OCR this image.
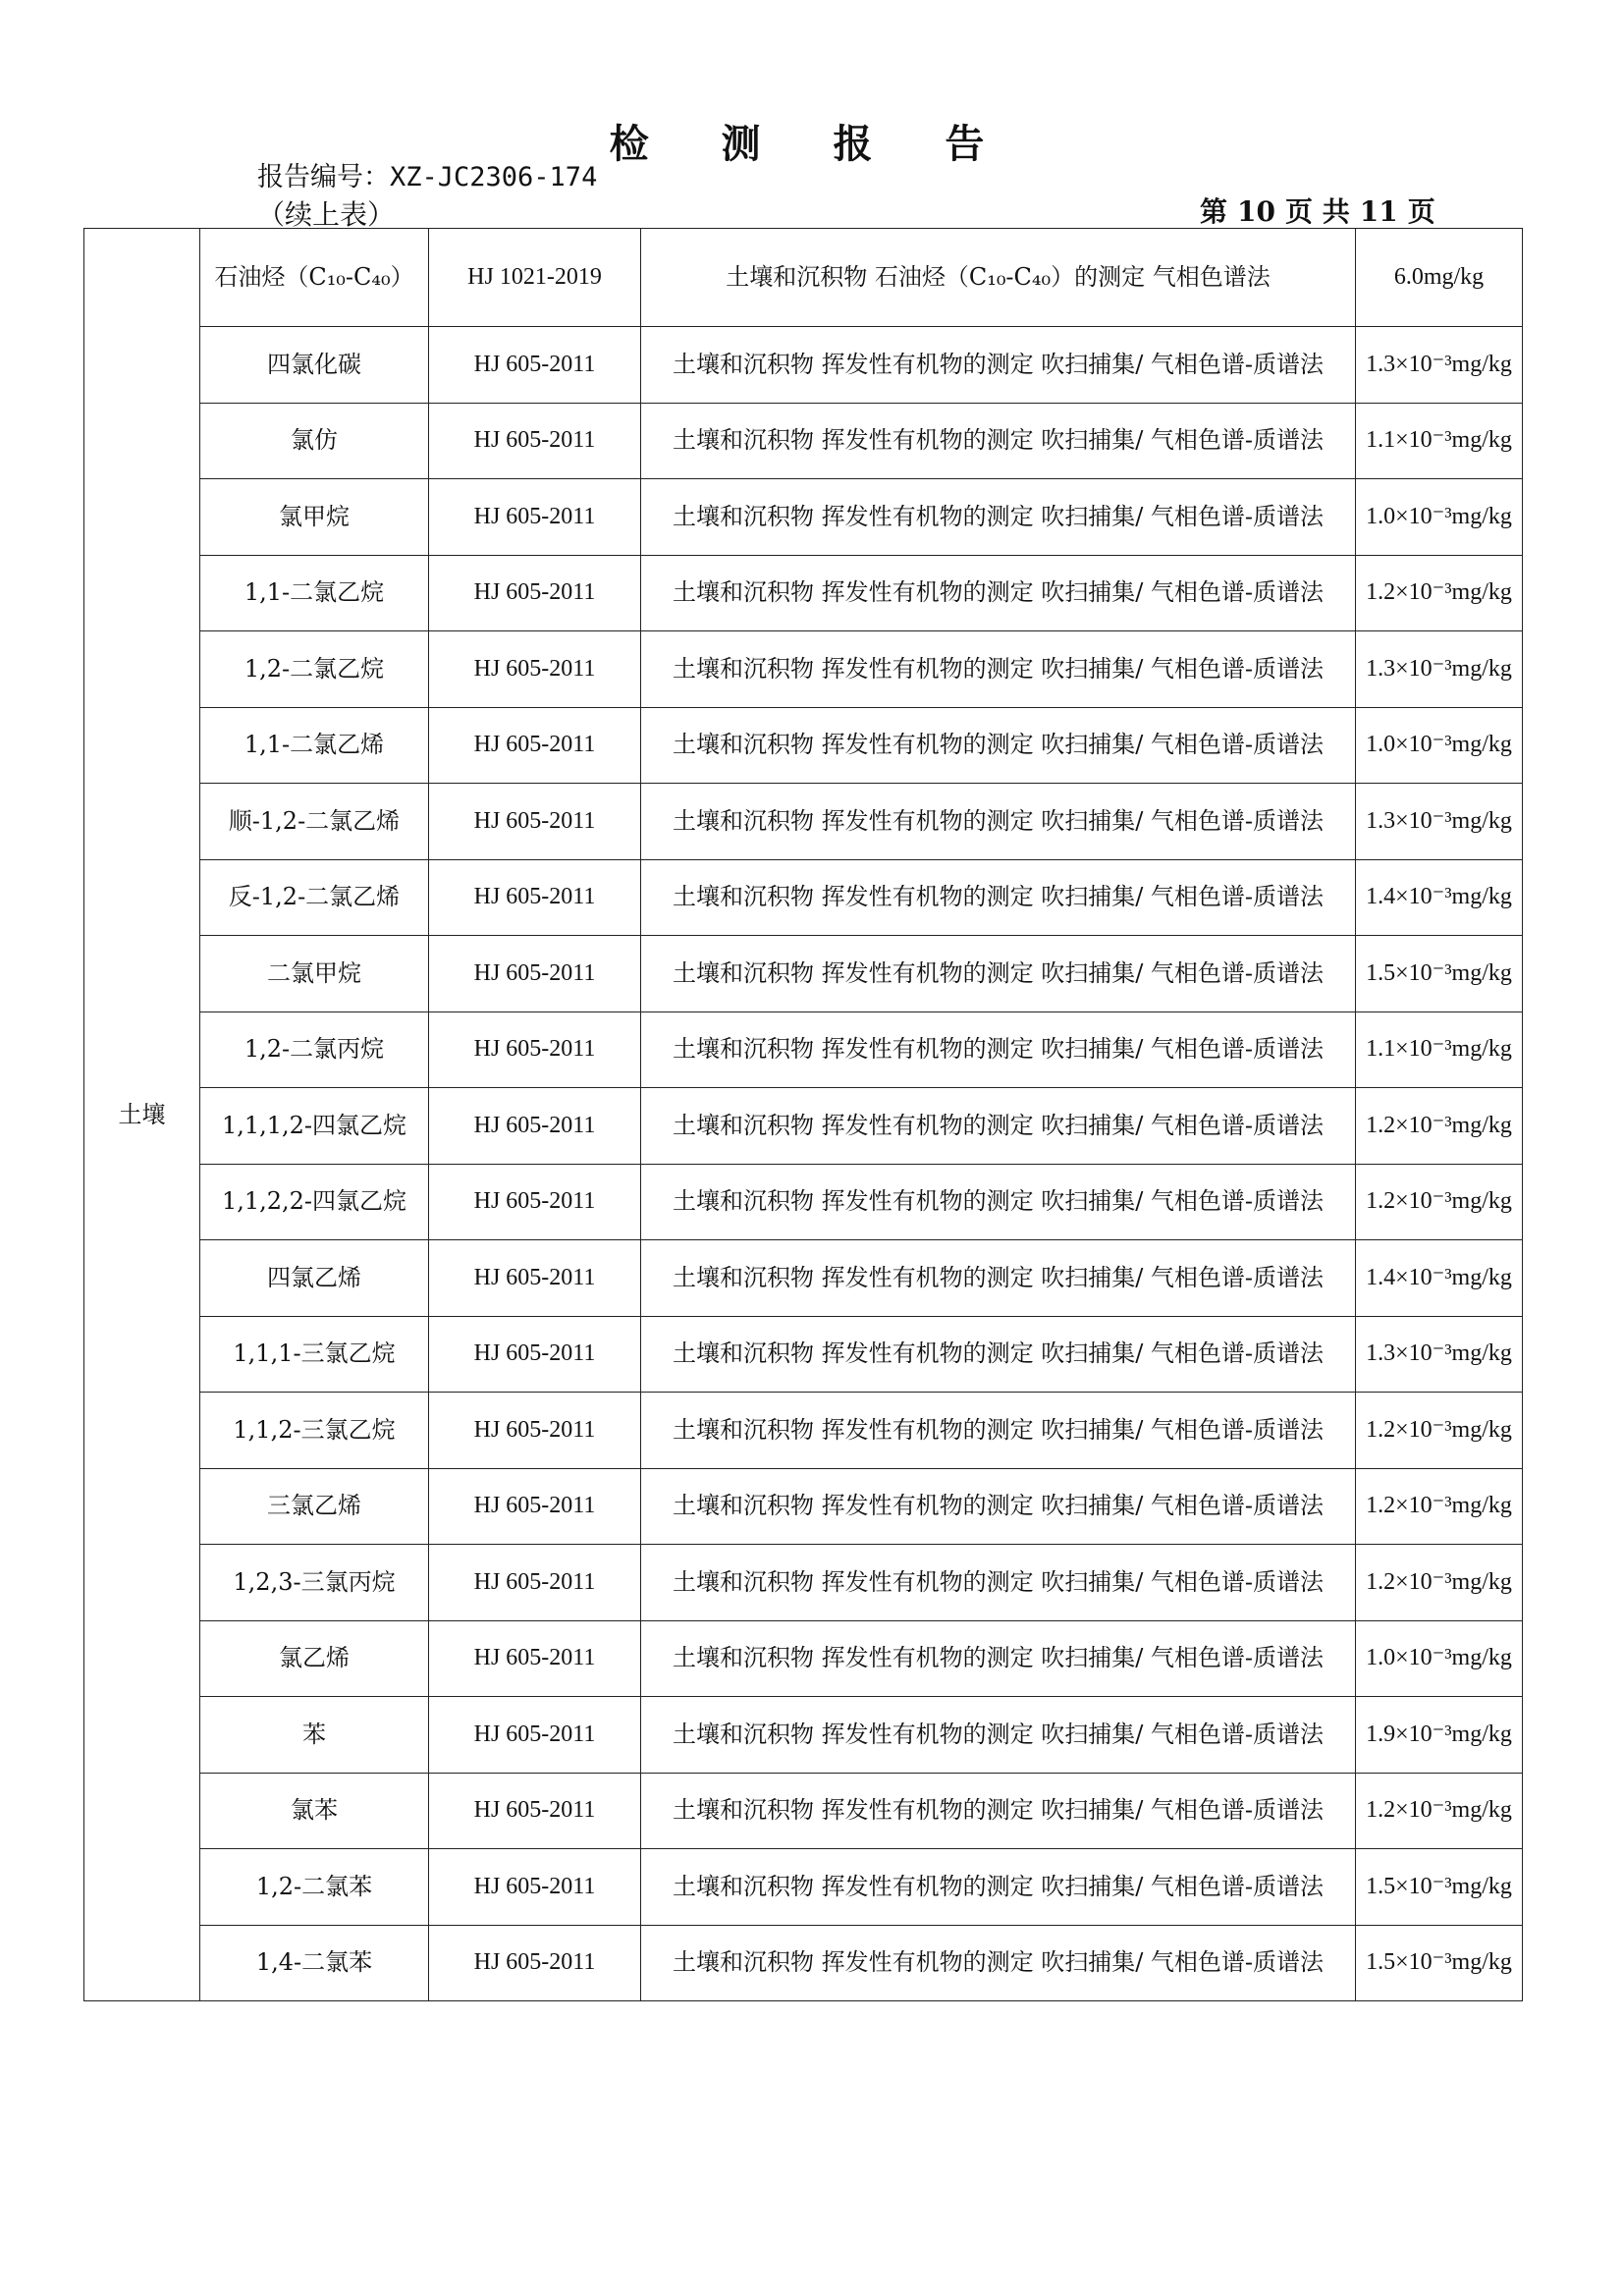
检 测 报 告
报告编号：XZ-JC2306-174
（续上表）	第 10 页 共 11 页
土壤	石油烃（C₁₀-C₄₀）	HJ 1021-2019	土壤和沉积物 石油烃（C₁₀-C₄₀）的测定 气相色谱法	6.0mg/kg
	四氯化碳	HJ 605-2011	土壤和沉积物 挥发性有机物的测定 吹扫捕集/ 气相色谱-质谱法	1.3×10⁻³mg/kg
	氯仿	HJ 605-2011	土壤和沉积物 挥发性有机物的测定 吹扫捕集/ 气相色谱-质谱法	1.1×10⁻³mg/kg
	氯甲烷	HJ 605-2011	土壤和沉积物 挥发性有机物的测定 吹扫捕集/ 气相色谱-质谱法	1.0×10⁻³mg/kg
	1,1-二氯乙烷	HJ 605-2011	土壤和沉积物 挥发性有机物的测定 吹扫捕集/ 气相色谱-质谱法	1.2×10⁻³mg/kg
	1,2-二氯乙烷	HJ 605-2011	土壤和沉积物 挥发性有机物的测定 吹扫捕集/ 气相色谱-质谱法	1.3×10⁻³mg/kg
	1,1-二氯乙烯	HJ 605-2011	土壤和沉积物 挥发性有机物的测定 吹扫捕集/ 气相色谱-质谱法	1.0×10⁻³mg/kg
	顺-1,2-二氯乙烯	HJ 605-2011	土壤和沉积物 挥发性有机物的测定 吹扫捕集/ 气相色谱-质谱法	1.3×10⁻³mg/kg
	反-1,2-二氯乙烯	HJ 605-2011	土壤和沉积物 挥发性有机物的测定 吹扫捕集/ 气相色谱-质谱法	1.4×10⁻³mg/kg
	二氯甲烷	HJ 605-2011	土壤和沉积物 挥发性有机物的测定 吹扫捕集/ 气相色谱-质谱法	1.5×10⁻³mg/kg
	1,2-二氯丙烷	HJ 605-2011	土壤和沉积物 挥发性有机物的测定 吹扫捕集/ 气相色谱-质谱法	1.1×10⁻³mg/kg
	1,1,1,2-四氯乙烷	HJ 605-2011	土壤和沉积物 挥发性有机物的测定 吹扫捕集/ 气相色谱-质谱法	1.2×10⁻³mg/kg
	1,1,2,2-四氯乙烷	HJ 605-2011	土壤和沉积物 挥发性有机物的测定 吹扫捕集/ 气相色谱-质谱法	1.2×10⁻³mg/kg
	四氯乙烯	HJ 605-2011	土壤和沉积物 挥发性有机物的测定 吹扫捕集/ 气相色谱-质谱法	1.4×10⁻³mg/kg
	1,1,1-三氯乙烷	HJ 605-2011	土壤和沉积物 挥发性有机物的测定 吹扫捕集/ 气相色谱-质谱法	1.3×10⁻³mg/kg
	1,1,2-三氯乙烷	HJ 605-2011	土壤和沉积物 挥发性有机物的测定 吹扫捕集/ 气相色谱-质谱法	1.2×10⁻³mg/kg
	三氯乙烯	HJ 605-2011	土壤和沉积物 挥发性有机物的测定 吹扫捕集/ 气相色谱-质谱法	1.2×10⁻³mg/kg
	1,2,3-三氯丙烷	HJ 605-2011	土壤和沉积物 挥发性有机物的测定 吹扫捕集/ 气相色谱-质谱法	1.2×10⁻³mg/kg
	氯乙烯	HJ 605-2011	土壤和沉积物 挥发性有机物的测定 吹扫捕集/ 气相色谱-质谱法	1.0×10⁻³mg/kg
	苯	HJ 605-2011	土壤和沉积物 挥发性有机物的测定 吹扫捕集/ 气相色谱-质谱法	1.9×10⁻³mg/kg
	氯苯	HJ 605-2011	土壤和沉积物 挥发性有机物的测定 吹扫捕集/ 气相色谱-质谱法	1.2×10⁻³mg/kg
	1,2-二氯苯	HJ 605-2011	土壤和沉积物 挥发性有机物的测定 吹扫捕集/ 气相色谱-质谱法	1.5×10⁻³mg/kg
	1,4-二氯苯	HJ 605-2011	土壤和沉积物 挥发性有机物的测定 吹扫捕集/ 气相色谱-质谱法	1.5×10⁻³mg/kg
